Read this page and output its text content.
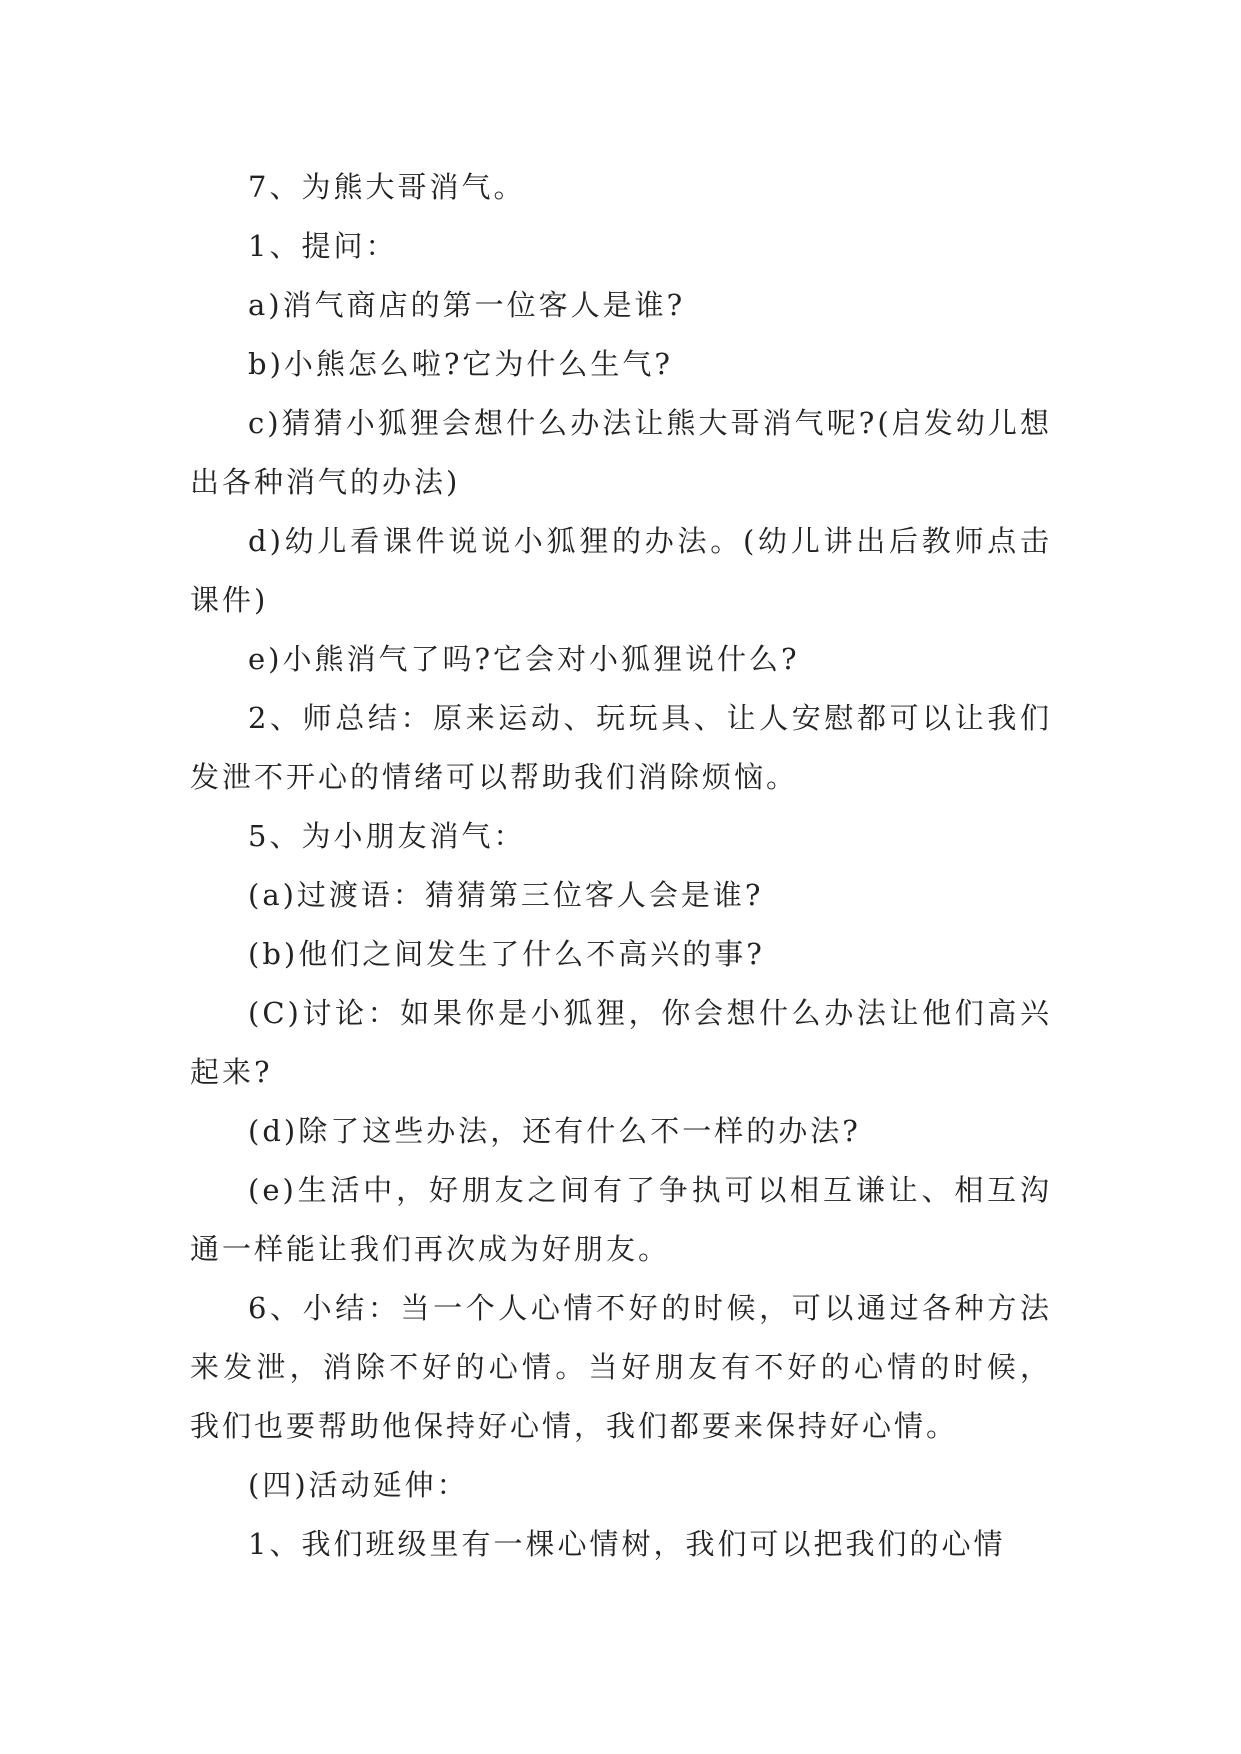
7、为熊大哥消气。

1、提问：

a)消气商店的第一位客人是谁?

b)小熊怎么啦?它为什么生气?

c)猜猜小狐狸会想什么办法让熊大哥消气呢?(启发幼儿想出各种消气的办法)

d)幼儿看课件说说小狐狸的办法。(幼儿讲出后教师点击课件)

e)小熊消气了吗?它会对小狐狸说什么?

2、师总结：原来运动、玩玩具、让人安慰都可以让我们发泄不开心的情绪可以帮助我们消除烦恼。

5、为小朋友消气：

(a)过渡语：猜猜第三位客人会是谁?

(b)他们之间发生了什么不高兴的事?

(C)讨论：如果你是小狐狸，你会想什么办法让他们高兴起来?

(d)除了这些办法，还有什么不一样的办法?

(e)生活中，好朋友之间有了争执可以相互谦让、相互沟通一样能让我们再次成为好朋友。

6、小结：当一个人心情不好的时候，可以通过各种方法来发泄，消除不好的心情。当好朋友有不好的心情的时候，我们也要帮助他保持好心情，我们都要来保持好心情。

(四)活动延伸：

1、我们班级里有一棵心情树，我们可以把我们的心情
